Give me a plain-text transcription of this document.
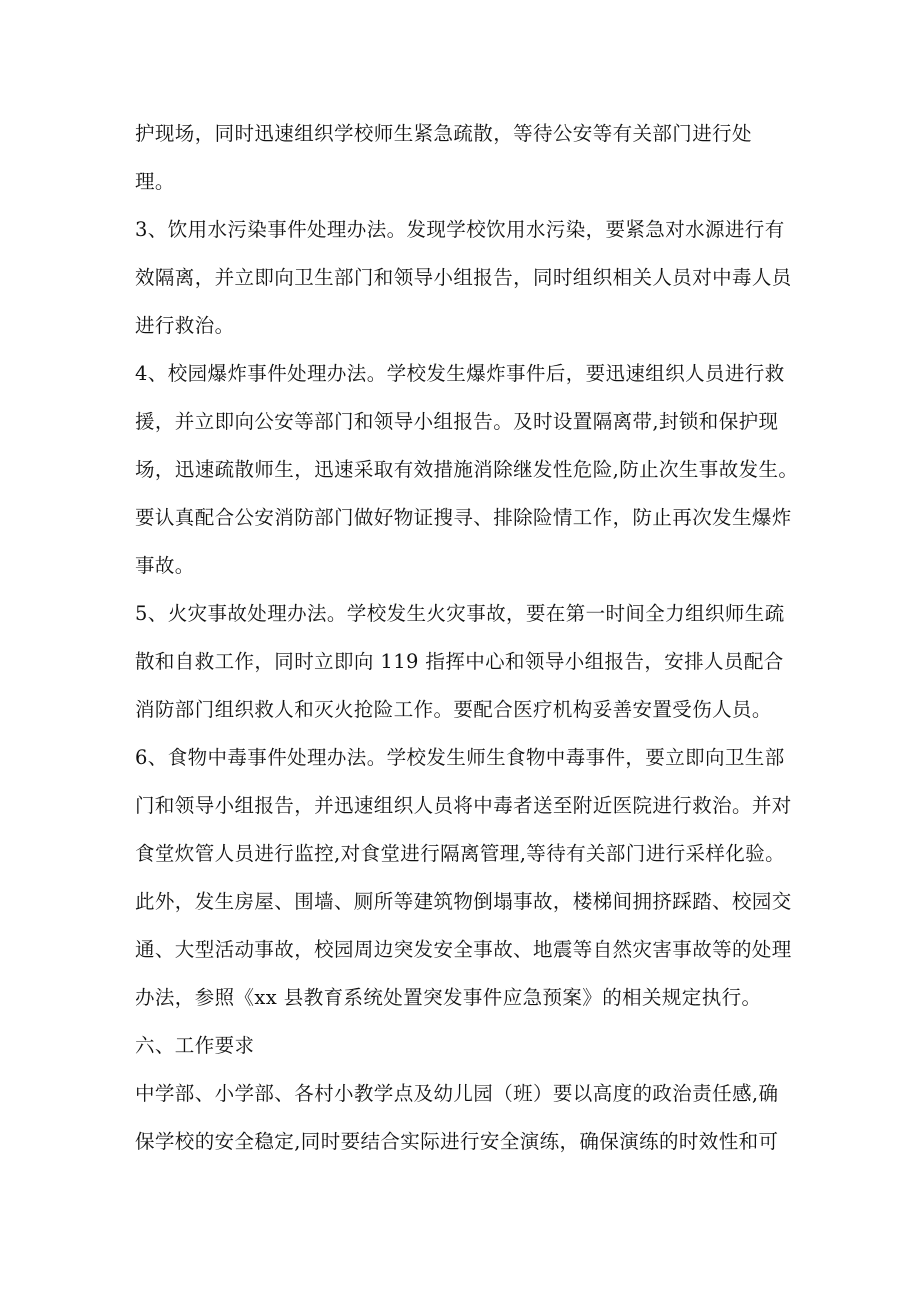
护现场，同时迅速组织学校师生紧急疏散，等待公安等有关部门进行处
理。
3、饮用水污染事件处理办法。发现学校饮用水污染，要紧急对水源进行有
效隔离，并立即向卫生部门和领导小组报告，同时组织相关人员对中毒人员
进行救治。
4、校园爆炸事件处理办法。学校发生爆炸事件后，要迅速组织人员进行救
援，并立即向公安等部门和领导小组报告。及时设置隔离带,封锁和保护现
场，迅速疏散师生，迅速采取有效措施消除继发性危险,防止次生事故发生。
要认真配合公安消防部门做好物证搜寻、排除险情工作，防止再次发生爆炸
事故。
5、火灾事故处理办法。学校发生火灾事故，要在第一时间全力组织师生疏
散和自救工作，同时立即向 119 指挥中心和领导小组报告，安排人员配合
消防部门组织救人和灭火抢险工作。要配合医疗机构妥善安置受伤人员。
6、食物中毒事件处理办法。学校发生师生食物中毒事件，要立即向卫生部
门和领导小组报告，并迅速组织人员将中毒者送至附近医院进行救治。并对
食堂炊管人员进行监控,对食堂进行隔离管理,等待有关部门进行采样化验。
此外，发生房屋、围墙、厕所等建筑物倒塌事故，楼梯间拥挤踩踏、校园交
通、大型活动事故，校园周边突发安全事故、地震等自然灾害事故等的处理
办法，参照《xx 县教育系统处置突发事件应急预案》的相关规定执行。
六、工作要求
中学部、小学部、各村小教学点及幼儿园（班）要以高度的政治责任感,确
保学校的安全稳定,同时要结合实际进行安全演练，确保演练的时效性和可
